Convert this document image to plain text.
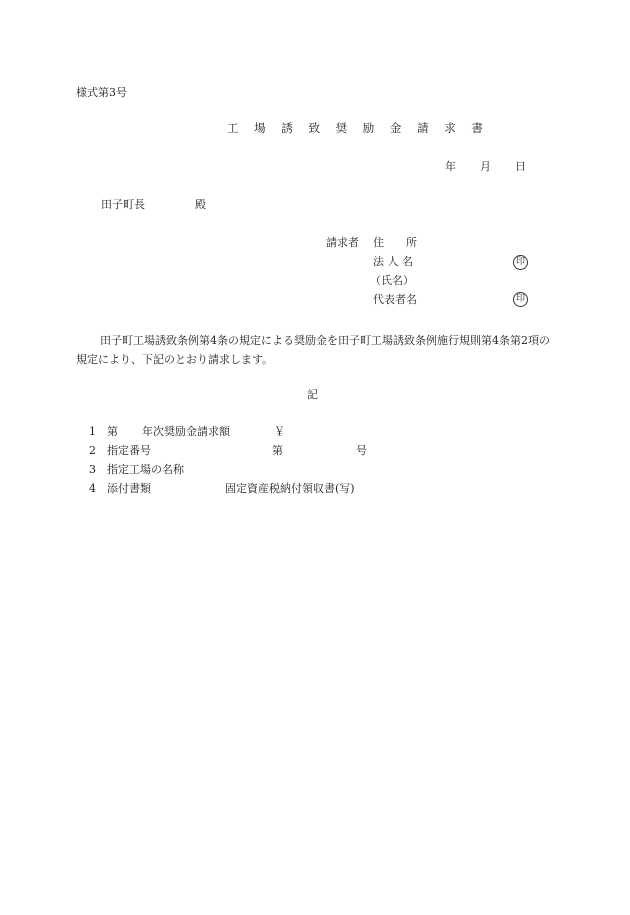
様式第3号
工 場 誘 致 奨 励 金 請 求 書
年 月 日
田子町長	殿
請求者 住　　所
法 人 名	印
（氏名）
代表者名	印
田子町工場誘致条例第4条の規定による奨励金を田子町工場誘致条例施行規則第4条第2項の規定により、下記のとおり請求します。
記
1 第 年次奨励金請求額	￥
2 指定番号	第	号
3 指定工場の名称
4 添付書類	固定資産税納付領収書(写)
